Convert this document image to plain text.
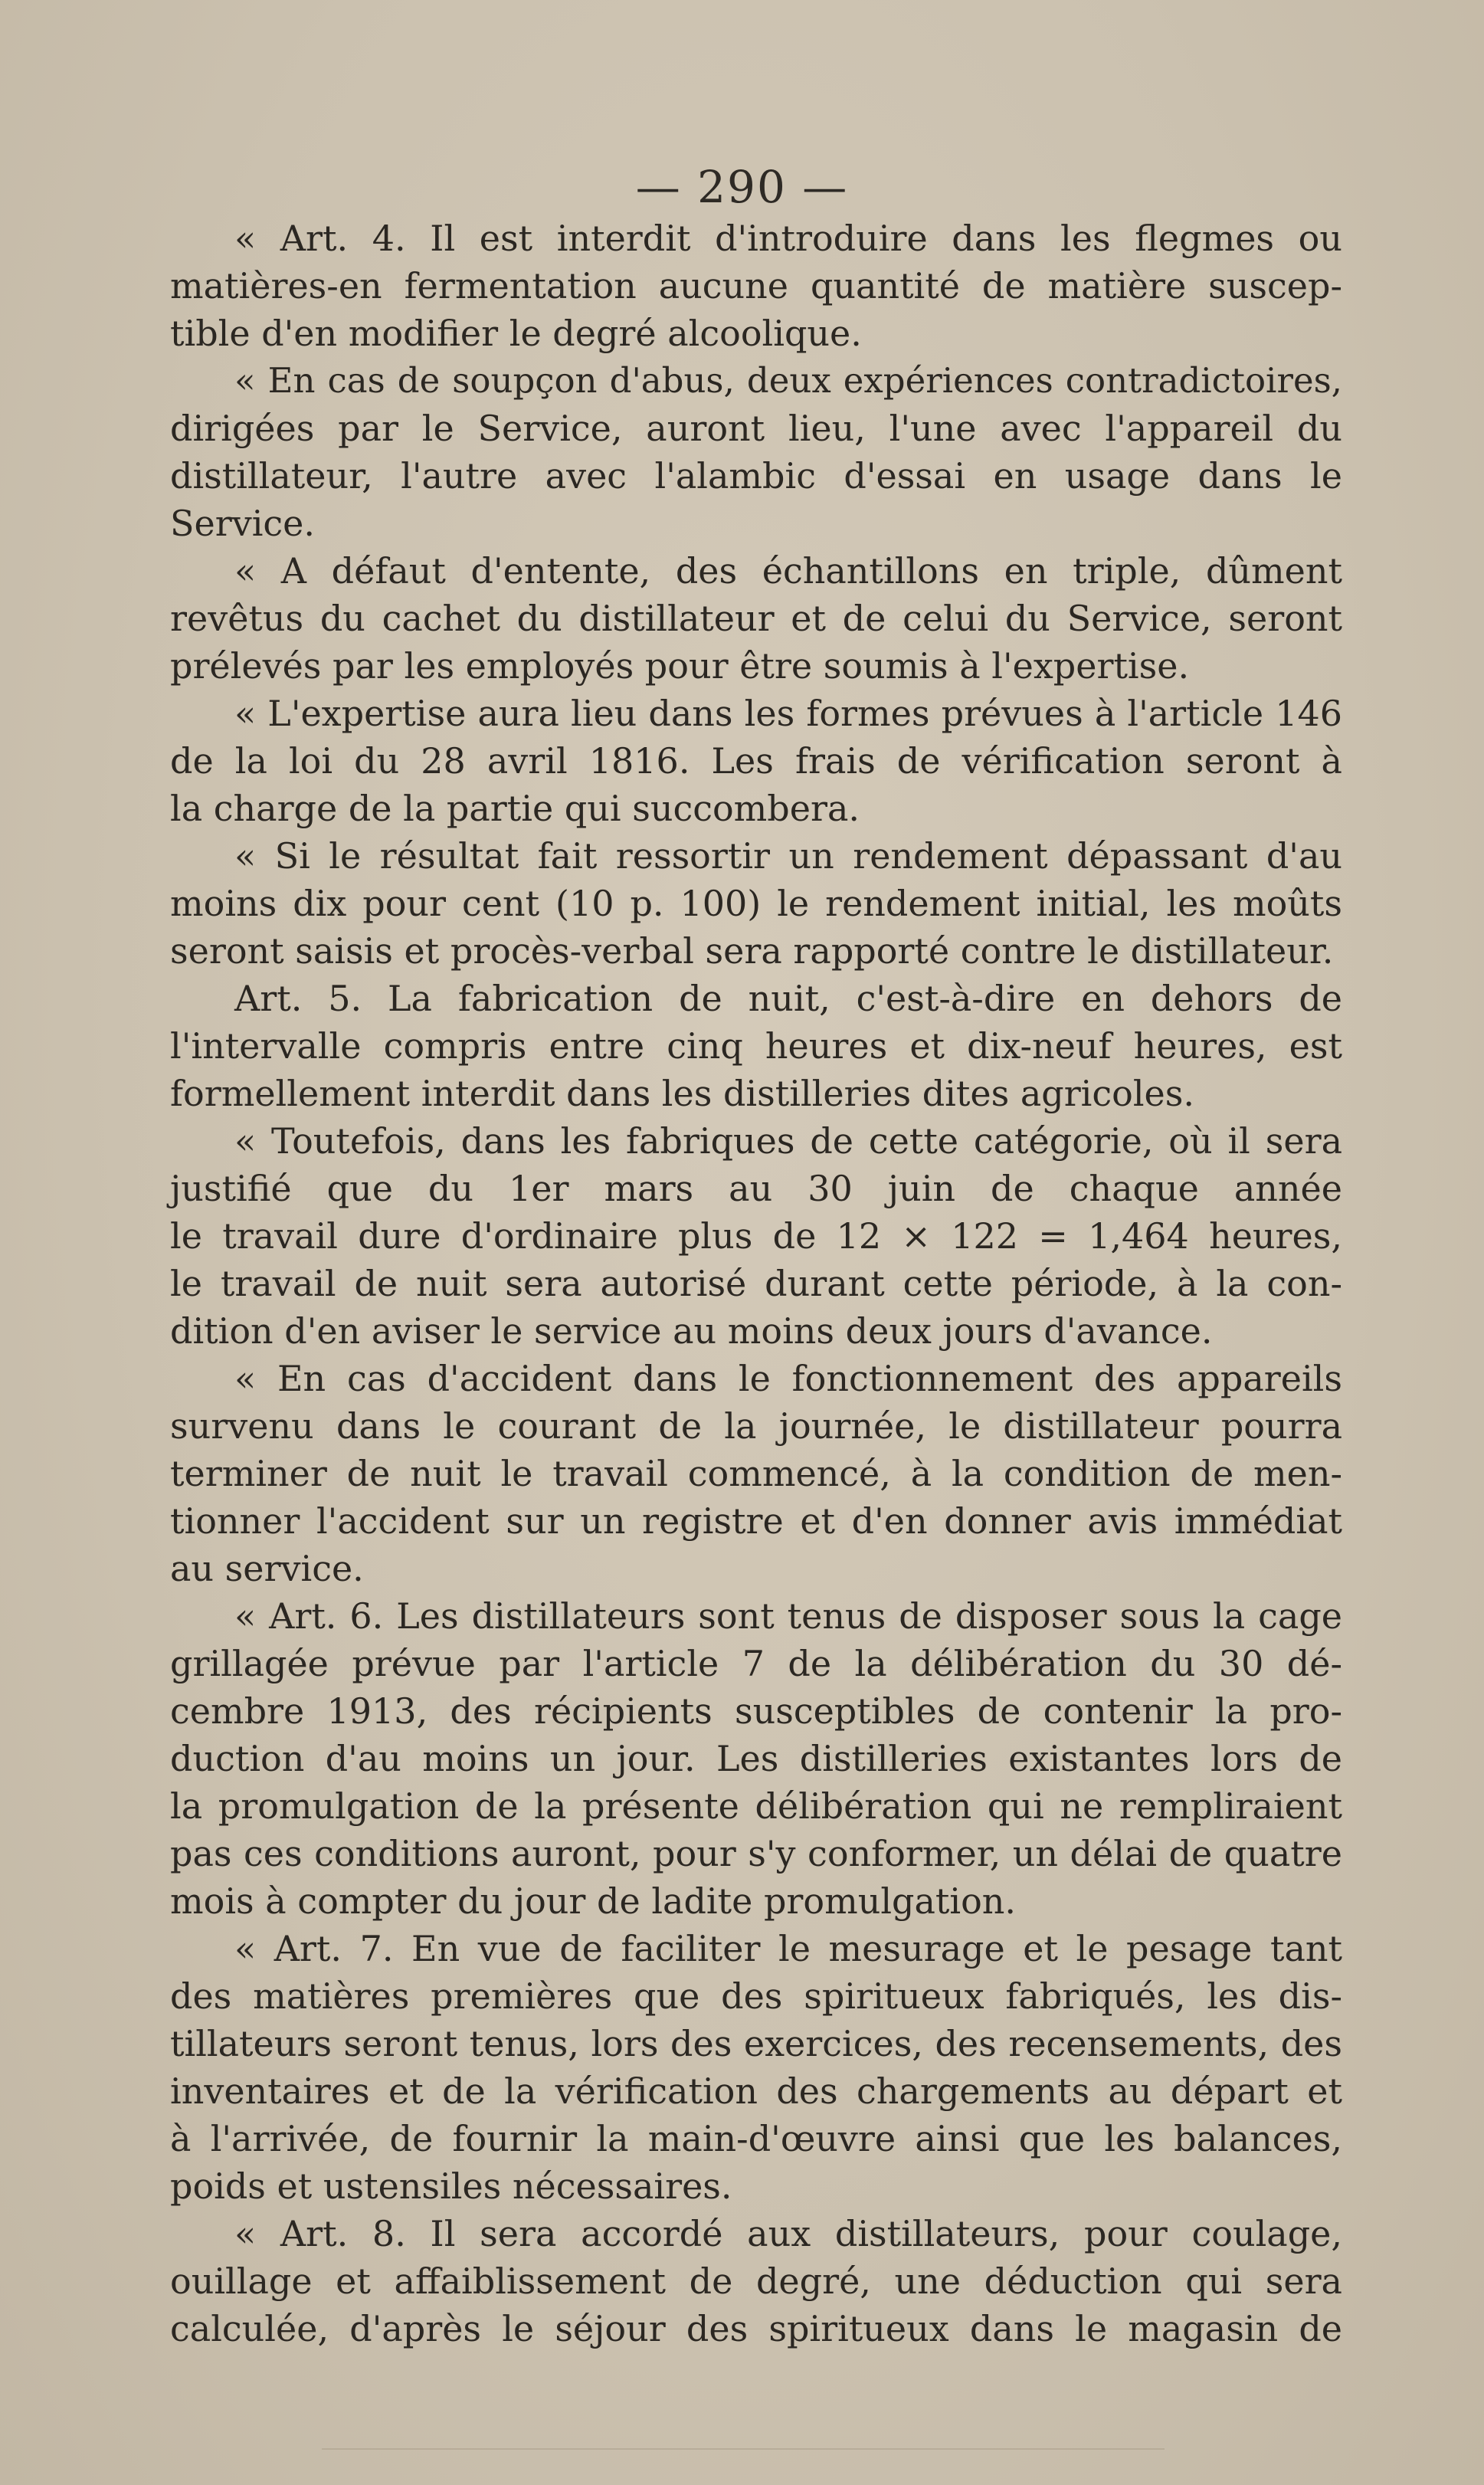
— 290 —
« Art. 4. Il est interdit d'introduire dans les flegmes ou
matières-en fermentation aucune quantité de matière suscep-
tible d'en modifier le degré alcoolique.
« En cas de soupçon d'abus, deux expériences contradictoires,
dirigées par le Service, auront lieu, l'une avec l'appareil du
distillateur, l'autre avec l'alambic d'essai en usage dans le
Service.
« A défaut d'entente, des échantillons en triple, dûment
revêtus du cachet du distillateur et de celui du Service, seront
prélevés par les employés pour être soumis à l'expertise.
« L'expertise aura lieu dans les formes prévues à l'article 146
de la loi du 28 avril 1816. Les frais de vérification seront à
la charge de la partie qui succombera.
« Si le résultat fait ressortir un rendement dépassant d'au
moins dix pour cent (10 p. 100) le rendement initial, les moûts
seront saisis et procès-verbal sera rapporté contre le distillateur.
Art. 5. La fabrication de nuit, c'est-à-dire en dehors de
l'intervalle compris entre cinq heures et dix-neuf heures, est
formellement interdit dans les distilleries dites agricoles.
« Toutefois, dans les fabriques de cette catégorie, où il sera
justifié que du 1er mars au 30 juin de chaque année
le travail dure d'ordinaire plus de 12 × 122 = 1,464 heures,
le travail de nuit sera autorisé durant cette période, à la con-
dition d'en aviser le service au moins deux jours d'avance.
« En cas d'accident dans le fonctionnement des appareils
survenu dans le courant de la journée, le distillateur pourra
terminer de nuit le travail commencé, à la condition de men-
tionner l'accident sur un registre et d'en donner avis immédiat
au service.
« Art. 6. Les distillateurs sont tenus de disposer sous la cage
grillagée prévue par l'article 7 de la délibération du 30 dé-
cembre 1913, des récipients susceptibles de contenir la pro-
duction d'au moins un jour. Les distilleries existantes lors de
la promulgation de la présente délibération qui ne rempliraient
pas ces conditions auront, pour s'y conformer, un délai de quatre
mois à compter du jour de ladite promulgation.
« Art. 7. En vue de faciliter le mesurage et le pesage tant
des matières premières que des spiritueux fabriqués, les dis-
tillateurs seront tenus, lors des exercices, des recensements, des
inventaires et de la vérification des chargements au départ et
à l'arrivée, de fournir la main-d'œuvre ainsi que les balances,
poids et ustensiles nécessaires.
« Art. 8. Il sera accordé aux distillateurs, pour coulage,
ouillage et affaiblissement de degré, une déduction qui sera
calculée, d'après le séjour des spiritueux dans le magasin de
